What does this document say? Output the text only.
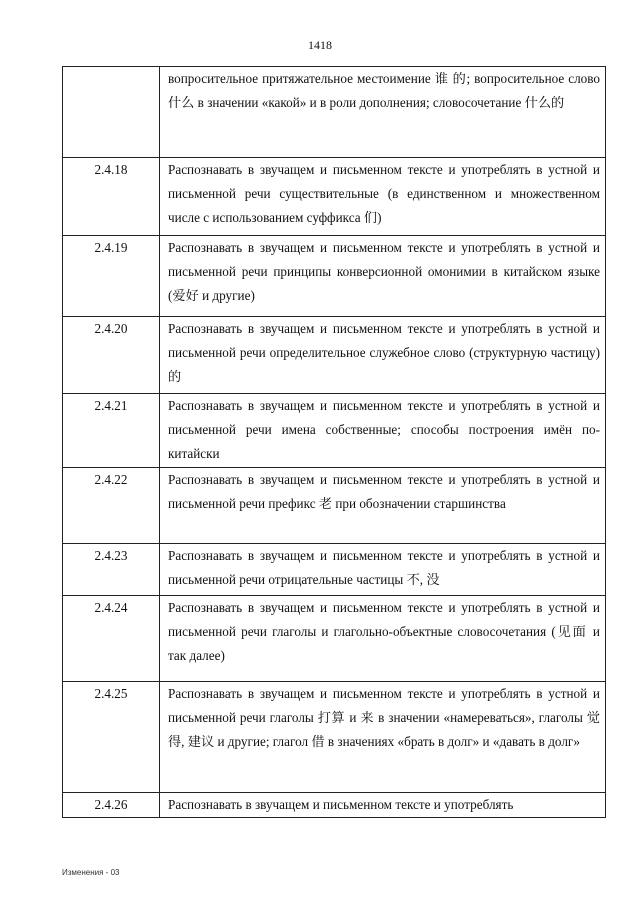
1418
	вопросительное притяжательное местоимение 谁 的; вопросительное слово 什么 в значении «какой» и в роли дополнения; словосочетание 什么的
2.4.18	Распознавать в звучащем и письменном тексте и употреблять в устной и письменной речи существительные (в единственном и множественном числе с использованием суффикса 们)
2.4.19	Распознавать в звучащем и письменном тексте и употреблять в устной и письменной речи принципы конверсионной омонимии в китайском языке (爱好 и другие)
2.4.20	Распознавать в звучащем и письменном тексте и употреблять в устной и письменной речи определительное служебное слово (структурную частицу) 的
2.4.21	Распознавать в звучащем и письменном тексте и употреблять в устной и письменной речи имена собственные; способы построения имён по-китайски
2.4.22	Распознавать в звучащем и письменном тексте и употреблять в устной и письменной речи префикс 老 при обозначении старшинства
2.4.23	Распознавать в звучащем и письменном тексте и употреблять в устной и письменной речи отрицательные частицы 不, 没
2.4.24	Распознавать в звучащем и письменном тексте и употреблять в устной и письменной речи глаголы и глагольно-объектные словосочетания (见面 и так далее)
2.4.25	Распознавать в звучащем и письменном тексте и употреблять в устной и письменной речи глаголы 打算 и 来 в значении «намереваться», глаголы 觉得, 建议 и другие; глагол 借 в значениях «брать в долг» и «давать в долг»
2.4.26	Распознавать в звучащем и письменном тексте и употреблять
Изменения - 03
